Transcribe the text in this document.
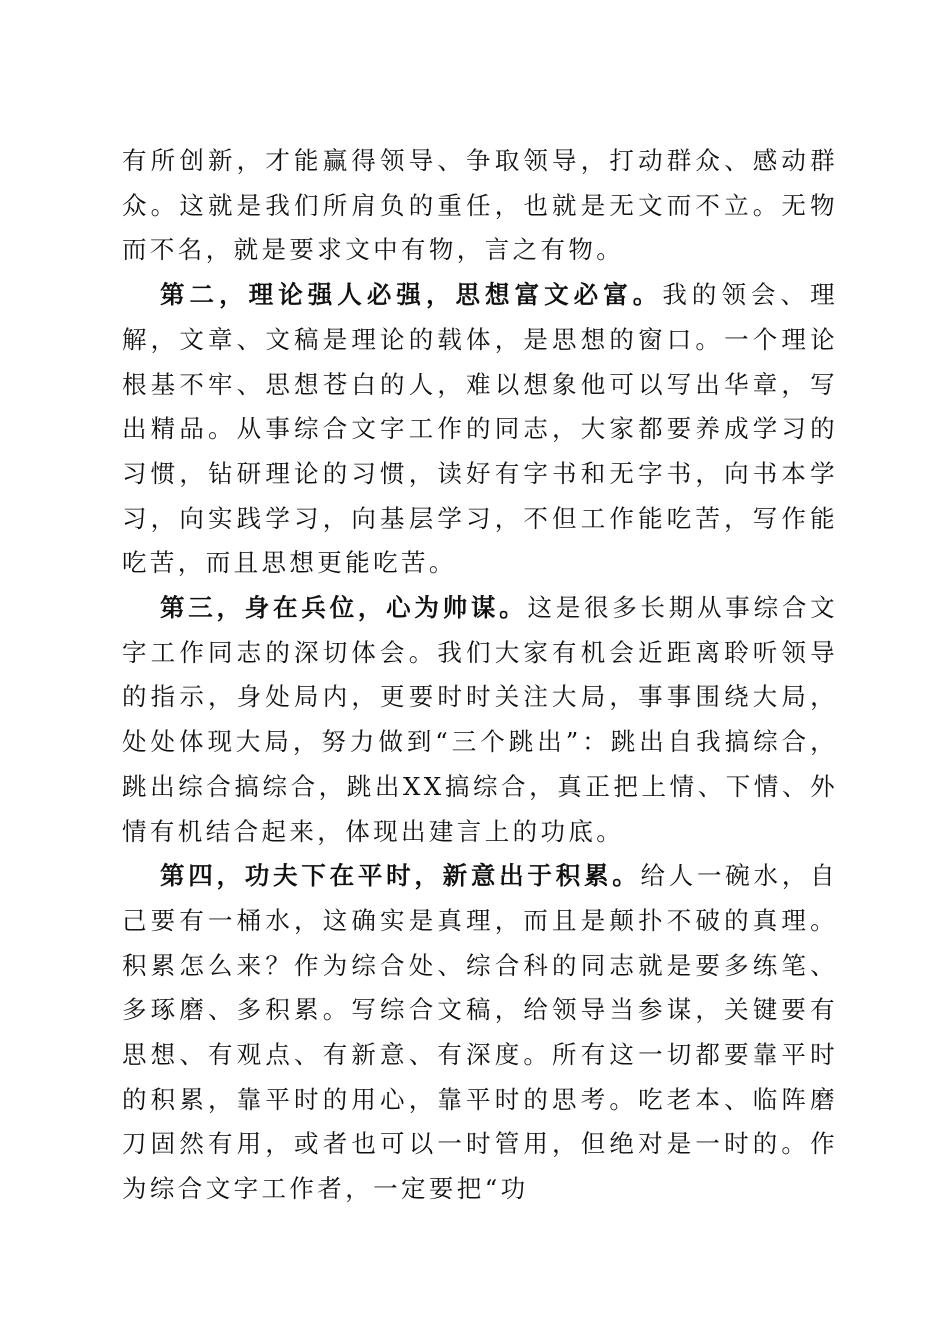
有所创新，才能赢得领导、争取领导，打动群众、感动群众。这就是我们所肩负的重任，也就是无文而不立。无物而不名，就是要求文中有物，言之有物。

第二，理论强人必强，思想富文必富。我的领会、理解，文章、文稿是理论的载体，是思想的窗口。一个理论根基不牢、思想苍白的人，难以想象他可以写出华章，写出精品。从事综合文字工作的同志，大家都要养成学习的习惯，钻研理论的习惯，读好有字书和无字书，向书本学习，向实践学习，向基层学习，不但工作能吃苦，写作能吃苦，而且思想更能吃苦。

第三，身在兵位，心为帅谋。这是很多长期从事综合文字工作同志的深切体会。我们大家有机会近距离聆听领导的指示，身处局内，更要时时关注大局，事事围绕大局，处处体现大局，努力做到“三个跳出”：跳出自我搞综合，跳出综合搞综合，跳出XX搞综合，真正把上情、下情、外情有机结合起来，体现出建言上的功底。

第四，功夫下在平时，新意出于积累。给人一碗水，自己要有一桶水，这确实是真理，而且是颠扑不破的真理。积累怎么来？作为综合处、综合科的同志就是要多练笔、多琢磨、多积累。写综合文稿，给领导当参谋，关键要有思想、有观点、有新意、有深度。所有这一切都要靠平时的积累，靠平时的用心，靠平时的思考。吃老本、临阵磨刀固然有用，或者也可以一时管用，但绝对是一时的。作为综合文字工作者，一定要把“功
